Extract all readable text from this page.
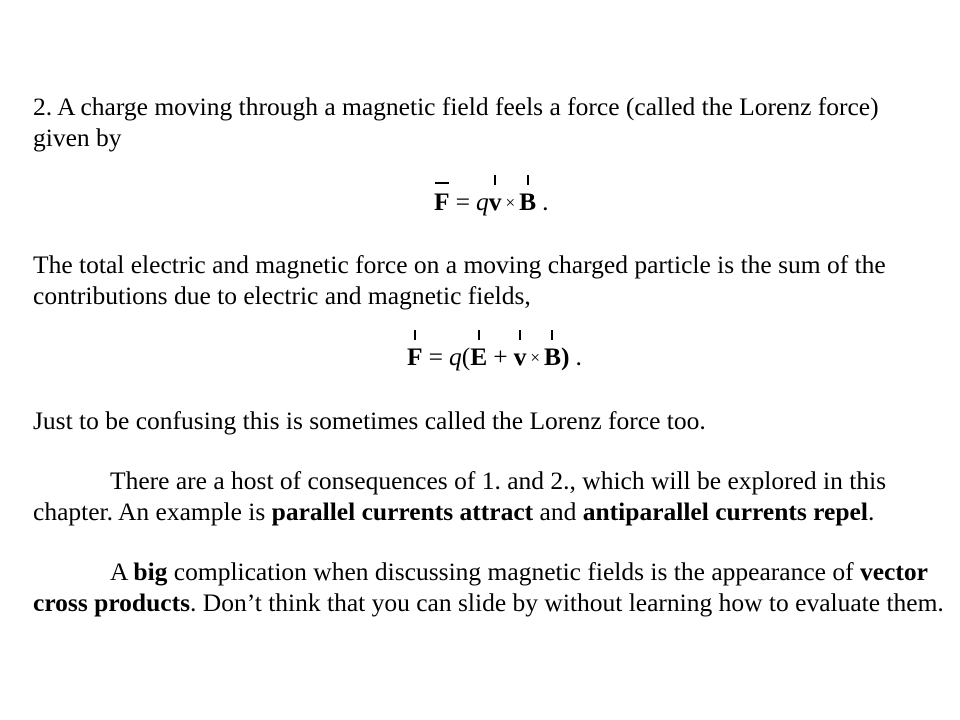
2. A charge moving through a magnetic field feels a force (called the Lorenz force)

given by

F = q
v × B .

The total electric and magnetic force on a moving charged particle is the sum of the

contributions due to electric and magnetic fields,

F = q(
E + v × B) .

Just to be confusing this is sometimes called the Lorenz force too.

There are a host of consequences of 1. and 2., which will be explored in this

chapter. An example is parallel currents attract and antiparallel currents repel.

A big complication when discussing magnetic fields is the appearance of vector

cross products. Don’t think that you can slide by without learning how to evaluate them.
